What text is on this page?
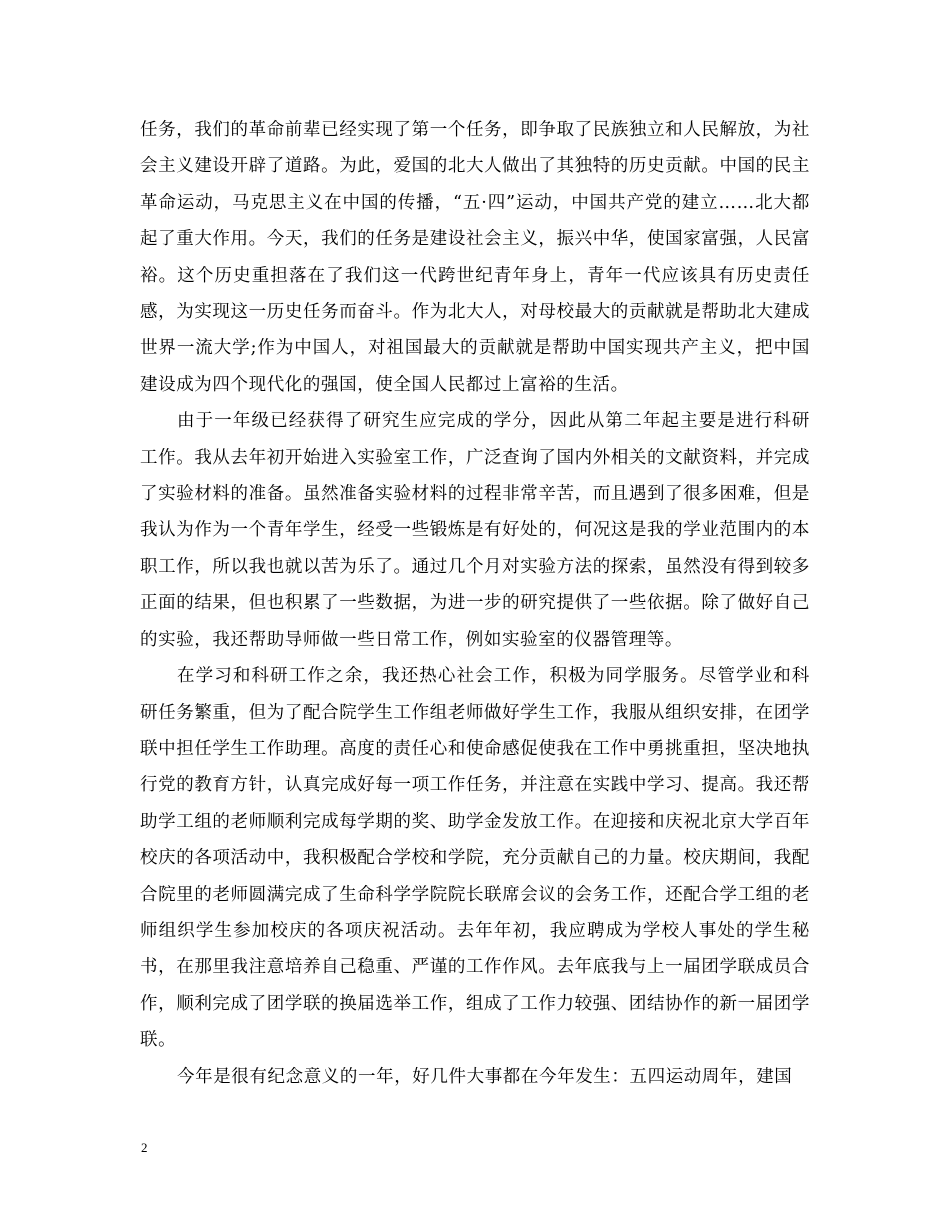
任务，我们的革命前辈已经实现了第一个任务，即争取了民族独立和人民解放，为社会主义建设开辟了道路。为此，爱国的北大人做出了其独特的历史贡献。中国的民主革命运动，马克思主义在中国的传播，“五·四”运动，中国共产党的建立……北大都起了重大作用。今天，我们的任务是建设社会主义，振兴中华，使国家富强，人民富裕。这个历史重担落在了我们这一代跨世纪青年身上，青年一代应该具有历史责任感，为实现这一历史任务而奋斗。作为北大人，对母校最大的贡献就是帮助北大建成世界一流大学;作为中国人，对祖国最大的贡献就是帮助中国实现共产主义，把中国建设成为四个现代化的强国，使全国人民都过上富裕的生活。

由于一年级已经获得了研究生应完成的学分，因此从第二年起主要是进行科研工作。我从去年初开始进入实验室工作，广泛查询了国内外相关的文献资料，并完成了实验材料的准备。虽然准备实验材料的过程非常辛苦，而且遇到了很多困难，但是我认为作为一个青年学生，经受一些锻炼是有好处的，何况这是我的学业范围内的本职工作，所以我也就以苦为乐了。通过几个月对实验方法的探索，虽然没有得到较多正面的结果，但也积累了一些数据，为进一步的研究提供了一些依据。除了做好自己的实验，我还帮助导师做一些日常工作，例如实验室的仪器管理等。

在学习和科研工作之余，我还热心社会工作，积极为同学服务。尽管学业和科研任务繁重，但为了配合院学生工作组老师做好学生工作，我服从组织安排，在团学联中担任学生工作助理。高度的责任心和使命感促使我在工作中勇挑重担，坚决地执行党的教育方针，认真完成好每一项工作任务，并注意在实践中学习、提高。我还帮助学工组的老师顺利完成每学期的奖、助学金发放工作。在迎接和庆祝北京大学百年校庆的各项活动中，我积极配合学校和学院，充分贡献自己的力量。校庆期间，我配合院里的老师圆满完成了生命科学学院院长联席会议的会务工作，还配合学工组的老师组织学生参加校庆的各项庆祝活动。去年年初，我应聘成为学校人事处的学生秘书，在那里我注意培养自己稳重、严谨的工作作风。去年底我与上一届团学联成员合作，顺利完成了团学联的换届选举工作，组成了工作力较强、团结协作的新一届团学联。

今年是很有纪念意义的一年，好几件大事都在今年发生：五四运动周年，建国

2
